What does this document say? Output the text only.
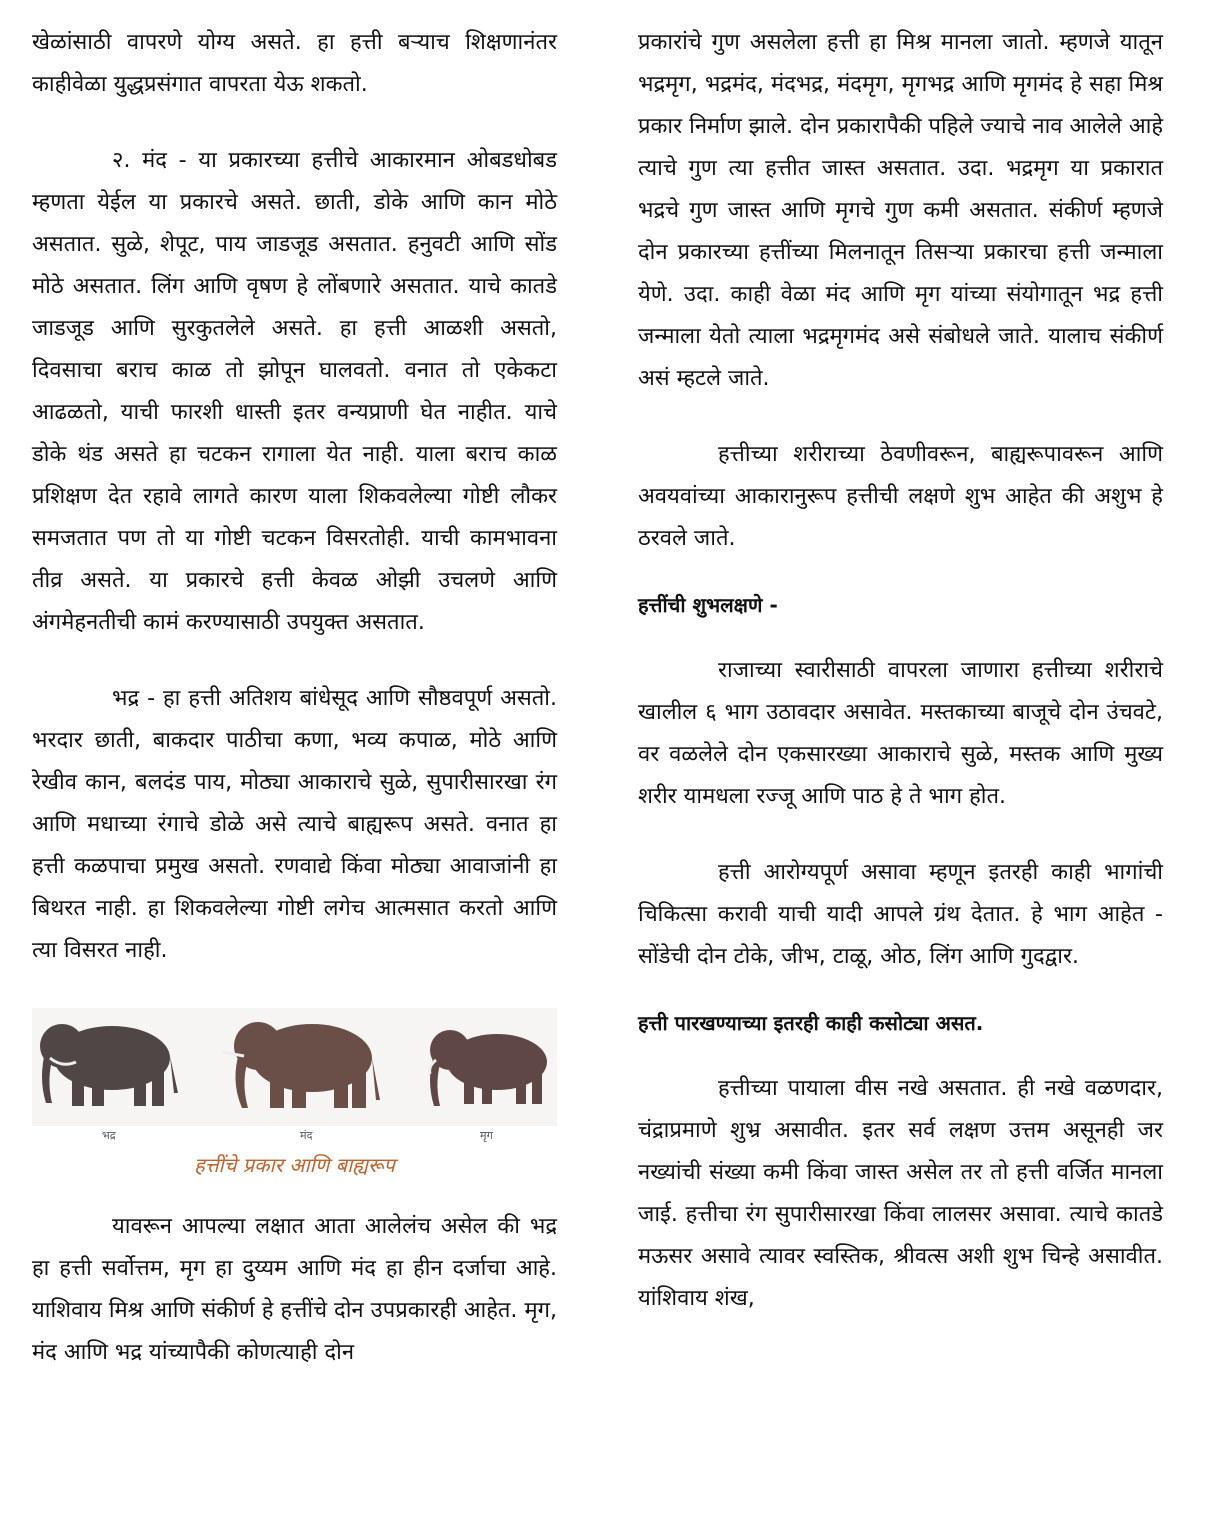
खेळांसाठी वापरणे योग्य असते. हा हत्ती बऱ्याच शिक्षणानंतर काहीवेळा युद्धप्रसंगात वापरता येऊ शकतो.

२. मंद - या प्रकारच्या हत्तीचे आकारमान ओबडधोबड म्हणता येईल या प्रकारचे असते. छाती, डोके आणि कान मोठे असतात. सुळे, शेपूट, पाय जाडजूड असतात. हनुवटी आणि सोंड मोठे असतात. लिंग आणि वृषण हे लोंबणारे असतात. याचे कातडे जाडजूड आणि सुरकुतलेले असते. हा हत्ती आळशी असतो, दिवसाचा बराच काळ तो झोपून घालवतो. वनात तो एकेकटा आढळतो, याची फारशी धास्ती इतर वन्यप्राणी घेत नाहीत. याचे डोके थंड असते हा चटकन रागाला येत नाही. याला बराच काळ प्रशिक्षण देत रहावे लागते कारण याला शिकवलेल्या गोष्टी लौकर समजतात पण तो या गोष्टी चटकन विसरतोही. याची कामभावना तीव्र असते. या प्रकारचे हत्ती केवळ ओझी उचलणे आणि अंगमेहनतीची कामं करण्यासाठी उपयुक्त असतात.

भद्र - हा हत्ती अतिशय बांधेसूद आणि सौष्ठवपूर्ण असतो. भरदार छाती, बाकदार पाठीचा कणा, भव्य कपाळ, मोठे आणि रेखीव कान, बलदंड पाय, मोठ्या आकाराचे सुळे, सुपारीसारखा रंग आणि मधाच्या रंगाचे डोळे असे त्याचे बाह्यरूप असते. वनात हा हत्ती कळपाचा प्रमुख असतो. रणवाद्ये किंवा मोठ्या आवाजांनी हा बिथरत नाही. हा शिकवलेल्या गोष्टी लगेच आत्मसात करतो आणि त्या विसरत नाही.

भद्र	मंद	मृग
हत्तींचे प्रकार आणि बाह्यरूप

यावरून आपल्या लक्षात आता आलेलंच असेल की भद्र हा हत्ती सर्वोत्तम, मृग हा दुय्यम आणि मंद हा हीन दर्जाचा आहे. याशिवाय मिश्र आणि संकीर्ण हे हत्तींचे दोन उपप्रकारही आहेत. मृग, मंद आणि भद्र यांच्यापैकी कोणत्याही दोन

प्रकारांचे गुण असलेला हत्ती हा मिश्र मानला जातो. म्हणजे यातून भद्रमृग, भद्रमंद, मंदभद्र, मंदमृग, मृगभद्र आणि मृगमंद हे सहा मिश्र प्रकार निर्माण झाले. दोन प्रकारापैकी पहिले ज्याचे नाव आलेले आहे त्याचे गुण त्या हत्तीत जास्त असतात. उदा. भद्रमृग या प्रकारात भद्रचे गुण जास्त आणि मृगचे गुण कमी असतात. संकीर्ण म्हणजे दोन प्रकारच्या हत्तींच्या मिलनातून तिसऱ्या प्रकारचा हत्ती जन्माला येणे. उदा. काही वेळा मंद आणि मृग यांच्या संयोगातून भद्र हत्ती जन्माला येतो त्याला भद्रमृगमंद असे संबोधले जाते. यालाच संकीर्ण असं म्हटले जाते.

हत्तीच्या शरीराच्या ठेवणीवरून, बाह्यरूपावरून आणि अवयवांच्या आकारानुरूप हत्तीची लक्षणे शुभ आहेत की अशुभ हे ठरवले जाते.

हत्तींची शुभलक्षणे -

राजाच्या स्वारीसाठी वापरला जाणारा हत्तीच्या शरीराचे खालील ६ भाग उठावदार असावेत. मस्तकाच्या बाजूचे दोन उंचवटे, वर वळलेले दोन एकसारख्या आकाराचे सुळे, मस्तक आणि मुख्य शरीर यामधला रज्जू आणि पाठ हे ते भाग होत.

हत्ती आरोग्यपूर्ण असावा म्हणून इतरही काही भागांची चिकित्सा करावी याची यादी आपले ग्रंथ देतात. हे भाग आहेत - सोंडेची दोन टोके, जीभ, टाळू, ओठ, लिंग आणि गुदद्वार.

हत्ती पारखण्याच्या इतरही काही कसोट्या असत.

हत्तीच्या पायाला वीस नखे असतात. ही नखे वळणदार, चंद्राप्रमाणे शुभ्र असावीत. इतर सर्व लक्षण उत्तम असूनही जर नख्यांची संख्या कमी किंवा जास्त असेल तर तो हत्ती वर्जित मानला जाई. हत्तीचा रंग सुपारीसारखा किंवा लालसर असावा. त्याचे कातडे मऊसर असावे त्यावर स्वस्तिक, श्रीवत्स अशी शुभ चिन्हे असावीत. यांशिवाय शंख,
